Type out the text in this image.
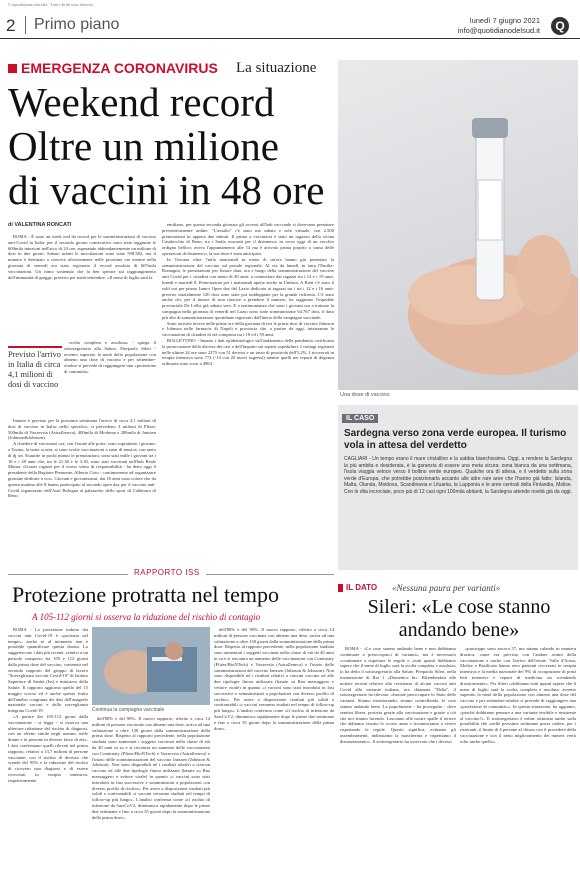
© riproduzione riservata · Tutti i diritti sono riservati
2 Primo piano	lunedì 7 giugno 2021
info@quotidianodelsud.it	Q
EMERGENZA CORONAVIRUS La situazione
Weekend record
Oltre un milione
di vaccini in 48 ore
Una dose di vaccino
di VALENTINA RONCATI

ROMA - È stato un week end da record per le somministrazioni di vaccino anti-Covid in Italia: per il secondo giorno consecutivo sono state raggiunte le 600mila iniezioni nell'arco di 24 ore, superando abbondantemente un milione di dosi in due giorni. Sabato infatti le inoculazioni sono state 598.582, ma il numero è destinato a crescere ulteriormente nelle prossime ore mentre nella giornata di venerdì era stato registrato il record assoluto di 607mila vaccinazioni. Un ritmo sostenuto che fa ben sperare sul raggiungimento dell'immunità di gregge, previsto per metà settembre. «Il mese di luglio sarà la

Previsto l'arrivo in Italia di circa 4,1 milioni di dosi di vaccino

svolta completa e assoluta» - spiega il sottosegretario alla Salute, Pierpaolo Sileri - avremo superato la metà della popolazione con almeno una dose di vaccino e per settembre-ottobre si prevede di raggiungere una «protezione di comunità».

Intanto è previsto per la prossima settimana l'arrivo di circa 4,1 milioni di dosi di vaccino in Italia: nello specifico, si prevedono 3 milioni di Pfizer, 500mila di Vaxzevria (AstraZeneca), 400mila di Moderna e 200mila di Janssen (Johnson&Johnson).

A chiedere di vaccinarsi ora, con l'estate alle porte, sono soprattutto i giovani: a Torino, la notte scorsa, si sono svolte vaccinazioni a suon di musica, con tanto di dj set. Esaurite in pochi minuti le prenotazioni, sono stati mille i giovani tra i 16 e i 28 anni che, tra le 21.30 e le 3.30, sono stati vaccinati nell'hub Reale Mutua. «Grazie ragazzi per il vostro senso di responsabilità - ha detto oggi il presidente della Regione Piemonte, Alberto Cirio - continueremo ad organizzare giornate dedicate a voi». Giovani e giovanissimi, dai 16 anni sono coloro che da questa mattina alle 8 hanno partecipato al secondo open day per il vaccino anti-Covid organizzato dall'Ausl Bologna al palazzetto dello sport di Calderara di Reno.

emiliano, per questa seconda giornata gli accessi all'hub vaccinale si dovevano prenotare preventivamente online. "L'assalto" c'è stato ma sabato e solo virtuale, con 2.500 prenotazioni in appena due minuti. Il primo a vaccinarsi è stato un ragazzo della vicina Casalecchio di Reno, tra i 5mila evacuati per il disinnesco in corso oggi di un vecchio ordigno bellico; aveva l'appuntamento alle 14 ma è arrivato prima proprio a causa delle operazioni di disinnesco, la sua dose è stata anticipata.

In Toscana oltre 7mila maturandi in meno di un'ora hanno già prenotato la somministrazione del vaccino sul portale regionale. Al via da lunedì, in tutta l'Emilia-Romagna, le prenotazioni per fissare data, ora e luogo della somministrazione del vaccino anti Covid per i cittadini con meno di 40 anni: a cominciare dai ragazzi tra i 12 e i 19 anni, lunedì e martedì 8. Prenotazioni per i maturandi aperte anche in Umbria. A Rieti c'è stato il sold out per primo Junior Open day del Lazio dedicato ai ragazzi tra i tra i 12 e i 16 anni: previste inizialmente 120 dosi sono state poi raddoppiate per la grande richiesta. C'è stato anche chi, per il timore di non riuscire a prendere il numero, ha raggiunto l'ospedale provinciale De Lellis già sabato sera. E a testimonianza che sono i giovani ora a trainare la campagna nella giornata di venerdì nel Lazio sono state somministrate 64.767 dosi, il dato più alto di somministrazioni quotidiane registrato dall'inizio della campagna vaccinale.

Sono arrivate invece nelle prime ore della giornata di ieri le prime dosi di vaccino Johnson e Johnson nelle farmacie di Napoli e provincia che, a partire da oggi, inizieranno le vaccinazioni di cittadini di età compresa tra i 18 ed i 59 anni.

BOLLETTINO - Intanto i dati epidemiologici sull'andamento della pandemia certificano la prosecuzione della discesa dei casi e dell'impatto sui reparti ospedalieri. I contagi registrati nelle ultime 24 ore sono 2275 con 51 decessi e un tasso di positività dell'1,2%. I ricoverati in terapia intensiva sono 774 (-14 con 20 nuovi ingressi) mentre quelli nei reparti di degenza ordinaria sono scesi a 4963.

IL CASO
Sardegna verso zona verde europea. Il turismo vola in attesa del verdetto
CAGLIARI - Un tempo erano il mare cristallino e la sabbia bianchissima. Oggi, a rendere la Sardegna la più ambita e desiderata, è la garanzia di essere una meta sicura: zona bianca da una settimana, l'isola viaggia veloce verso il bollino verde europeo. Qualche ora di attesa, e il verdetto sulla zona verde d'Europa, che potrebbe posizionarla accanto alle altre rare aree che l'hanno già fatto: Islanda, Malta, Olanda, Moldova, Scandinavia e Lituania, la Lapponia e le aree centrali della Finlandia, Molise. Con le dita incrociate, poco più di 12 casi ogni 100mila abitanti, la Sardegna attende novità già da oggi.
RAPPORTO ISS
Protezione protratta nel tempo
A 105-112 giorni si osserva la riduzione del rischio di contagio

ROMA - La protezione indotta dai vaccini anti Covid-19 è «protratta nel tempo», anche se al momento non è possibile quantificare questa durata. Lo suggeriscono i dati più recenti, relativi a un periodo compreso fra 105 e 112 giorni dalla prima dose del vaccino, contenuti nel secondo rapporto del gruppo di lavoro "Sorveglianza vaccini Covid-19" di Istituto Superiore di Sanità (Iss) e ministero della Salute. Il rapporto aggiorna quello del 15 maggio scorso ed è anche questo frutto dell'analisi congiunta dei dati dell'anagrafe nazionale vaccini e della sorveglianza integrata Covid-19.

«A partire dai 105-112 giorni dalla vaccinazione - si legge - si osserva una ulteriore riduzione del rischio di diagnosi, con un effetto simile negli uomini, nelle donne e in persone in diverse fasce di età». I dati confermano quelli rilevati nel primo rapporto, relativi a 13,7 milioni di persone vaccinate, con il rischio di decesso che scende del 95% e la riduzione del rischio di ricovero una diagnosi e di essere ricoverati in terapia intensiva, rispettivamente

Continua la campagna vaccinale

dell'80% e del 90%. Il nuovo rapporto, riferito a circa 14 milioni di persone vaccinate con almeno una dose, arriva ad una valutazione a oltre 130 giorni dalla somministrazione della prima dose. Rispetto al rapporto precedente, nella popolazione studiata sono aumentati i soggetti vaccinati nella classe di età da 40 anni in su e si riscontra un aumento delle vaccinazioni con Comirnaty (Pfizer/BioNTech) e Vaxzevria (AstraZeneca) e l'inizio delle somministrazioni del vaccino Janssen (Johnson & Johnson). Non sono disponibili né i risultati relativi a ciascun vaccino né alle due tipologie finora utilizzate (basate su Rna messaggero e vettore virale) in quanto «i vaccini sono stati introdotti in fasi successive e somministrati a popolazioni con diverso profilo di rischio». Per avere a disposizione risultati più solidi e confrontabili «i vaccini verranno studiati nel tempo di follow-up più lungo». L'analisi conferma come «il rischio di infezione da SarsCoV2, diminuisca rapidamente dopo le prime due settimane e fino a circa 35 giorni dopo la somministrazione della prima dose».

dell'80% e del 90%. Il nuovo rapporto, riferito a circa 14 milioni di persone vaccinate con almeno una dose, arriva ad una valutazione a oltre 130 giorni dalla somministrazione della prima dose. Rispetto al rapporto precedente, nella popolazione studiata sono aumentati i soggetti vaccinati nella classe di età da 40 anni in su e si riscontra un aumento delle vaccinazioni con Comirnaty (Pfizer/BioNTech) e Vaxzevria (AstraZeneca) e l'inizio delle somministrazioni del vaccino Janssen (Johnson & Johnson). Non sono disponibili né i risultati relativi a ciascun vaccino né alle due tipologie finora utilizzate (basate su Rna messaggero e vettore virale) in quanto «i vaccini sono stati introdotti in fasi successive e somministrati a popolazioni con diverso profilo di rischio». Per avere a disposizione risultati più solidi e confrontabili «i vaccini verranno studiati nel tempo di follow-up più lungo». L'analisi conferma come «il rischio di infezione da SarsCoV2, diminuisca rapidamente dopo le prime due settimane e fino a circa 35 giorni dopo la somministrazione della prima dose».

IL DATO «Nessuna paura per varianti»
Sileri: «Le cose stanno andando bene»

ROMA - «Le cose stanno andando bene e non dobbiamo continuare a preoccuparci di varianti», ma è necessario «continuare a rispettare le regole e «tutti quanti dobbiamo sapere che il mese di luglio sarà la svolta completa e assoluta» lo ha detto il sottosegretario alla Salute, Pierpaolo Sileri, nella trasmissione di Rai 1 «Domenica In». Rifendendosi alle notizie recenti relative alla resistenza di alcuni vaccini anti Covid alla variante indiana, ora chiamata "Delta", il sottosegretario ha rilevato: «basiate preoccupare lo Stato delle varianti. Stiamo monitorando, stiamo controllando, le cose stanno andando bene. La popolazione - ha proseguito - deve sentirsi libera, protetta grazie alla vaccinazione e grazie a ciò che noi stiamo facendo. Lasciamo alle nostre spalle il terrore che abbiamo vissuto lo scorso anno e ricominciamo a vivere rispettando le regole. Questo significa, evitiamo gli assembramenti, indossiamo la mascherina e rispettiamo il distanziamento». Il sottosegretario ha osservato che i decessi

«purtroppo sono ancora 57, ma stanno calando in maniera drastica, come era previsto con l'andare avanti della vaccinazione e anche con l'arrivo dell'estate. Valle d'Aosta, Molise e Basilicata hanno zero pazienti ricoverati in terapia intensiva e la media nazionale del 9% di occupazione di posti letti intensive e reparti di medicina sta scendendo drasticamente». Per Sileri «dobbiamo tutti quanti sapere che il mese di luglio sarà la svolta completa e assoluta: avremo superato la metà della popolazione con almeno una dose del vaccino e per settembre-ottobre si prevede di raggiungere una «protezione di comunità»». In questa situazione, ha aggiunto, «perché dobbiamo pensare a una variante terribile e resistente al vaccino?». Il sottosegretario è infine ottimista anche sulla possibilità che «nelle prossime settimane possa cadere, per i ristoranti, il limite di 4 persone al chiuso con il procedere della vaccinazione e con il netto miglioramento dei numeri verrà tolto anche quello».
